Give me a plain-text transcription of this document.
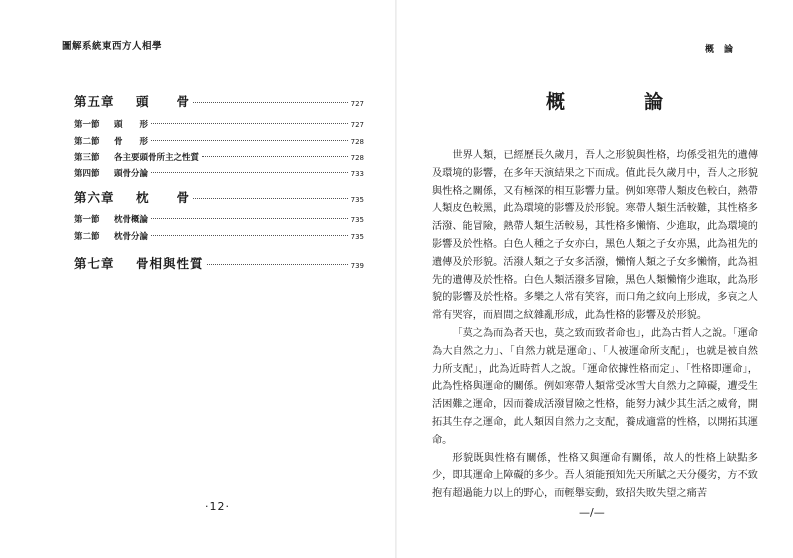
圖解系統東西方人相學
第五章 頭　　骨	727
第一節 頭　　形	727
第二節 骨　　形	728
第三節 各主要頭骨所主之性質	728
第四節 頭骨分論	733
第六章 枕　　骨	735
第一節 枕骨概論	735
第二節 枕骨分論	735
第七章 骨相與性質	739
·12·
概論
概　論

世界人類，已經歷長久歲月，吾人之形貌與性格，均係受祖先的遺傳及環境的影響，在多年天演結果之下而成。值此長久歲月中，吾人之形貌與性格之關係，又有極深的相互影響力量。例如寒帶人類皮色較白，熱帶人類皮色較黑，此為環境的影響及於形貌。寒帶人類生活較難，其性格多活潑、能冒險，熱帶人類生活較易，其性格多懶惰、少進取，此為環境的影響及於性格。白色人種之子女亦白，黑色人類之子女亦黑，此為祖先的遺傳及於形貌。活潑人類之子女多活潑，懶惰人類之子女多懶惰，此為祖先的遺傳及於性格。白色人類活潑多冒險，黑色人類懶惰少進取，此為形貌的影響及於性格。多樂之人常有笑容，而口角之紋向上形成，多哀之人常有哭容，而眉間之紋雜亂形成，此為性格的影響及於形貌。

「莫之為而為者天也，莫之致而致者命也」，此為古哲人之說。「運命為大自然之力」、「自然力就是運命」、「人被運命所支配」，也就是被自然力所支配」，此為近時哲人之說。「運命依據性格而定」、「性格即運命」，此為性格與運命的關係。例如寒帶人類常受冰雪大自然力之障礙，遭受生活困難之運命，因而養成活潑冒險之性格，能努力減少其生活之威脅，開拓其生存之運命，此人類因自然力之支配，養成適當的性格，以開拓其運命。

形貌既與性格有關係，性格又與運命有關係，故人的性格上缺點多少，即其運命上障礙的多少。吾人須能預知先天所賦之天分優劣，方不致抱有超過能力以上的野心，而輕舉妄動，致招失敗失望之痛苦

—/—
